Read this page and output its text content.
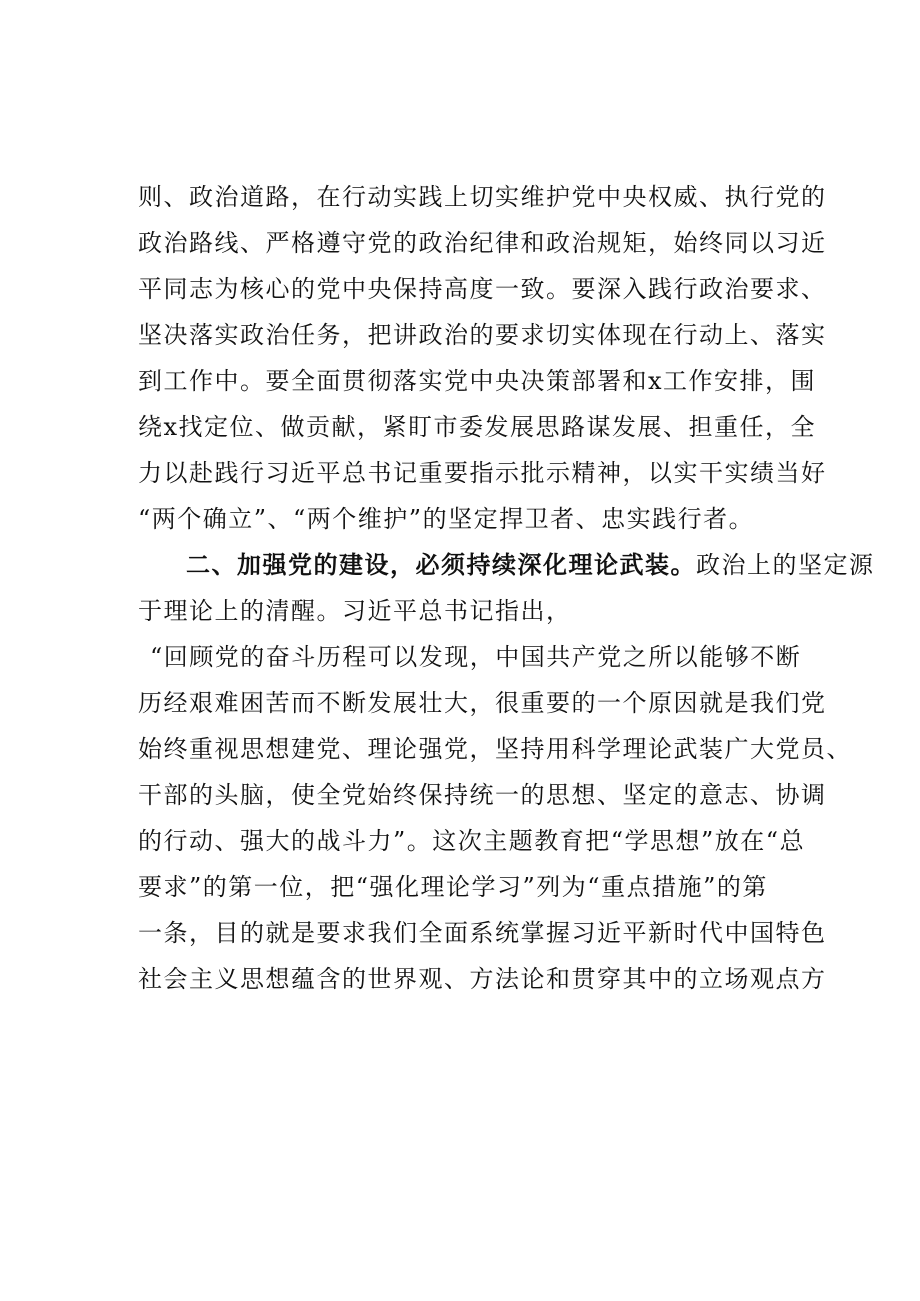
则、政治道路，在行动实践上切实维护党中央权威、执行党的
政治路线、严格遵守党的政治纪律和政治规矩，始终同以习近
平同志为核心的党中央保持高度一致。要深入践行政治要求、
坚决落实政治任务，把讲政治的要求切实体现在行动上、落实
到工作中。要全面贯彻落实党中央决策部署和x工作安排，围
绕x找定位、做贡献，紧盯市委发展思路谋发展、担重任，全
力以赴践行习近平总书记重要指示批示精神，以实干实绩当好
“两个确立”、“两个维护”的坚定捍卫者、忠实践行者。
二、加强党的建设，必须持续深化理论武装。政治上的坚定源
于理论上的清醒。习近平总书记指出，
“回顾党的奋斗历程可以发现，中国共产党之所以能够不断
历经艰难困苦而不断发展壮大，很重要的一个原因就是我们党
始终重视思想建党、理论强党，坚持用科学理论武装广大党员、
干部的头脑，使全党始终保持统一的思想、坚定的意志、协调
的行动、强大的战斗力”。这次主题教育把“学思想”放在“总
要求”的第一位，把“强化理论学习”列为“重点措施”的第
一条，目的就是要求我们全面系统掌握习近平新时代中国特色
社会主义思想蕴含的世界观、方法论和贯穿其中的立场观点方
